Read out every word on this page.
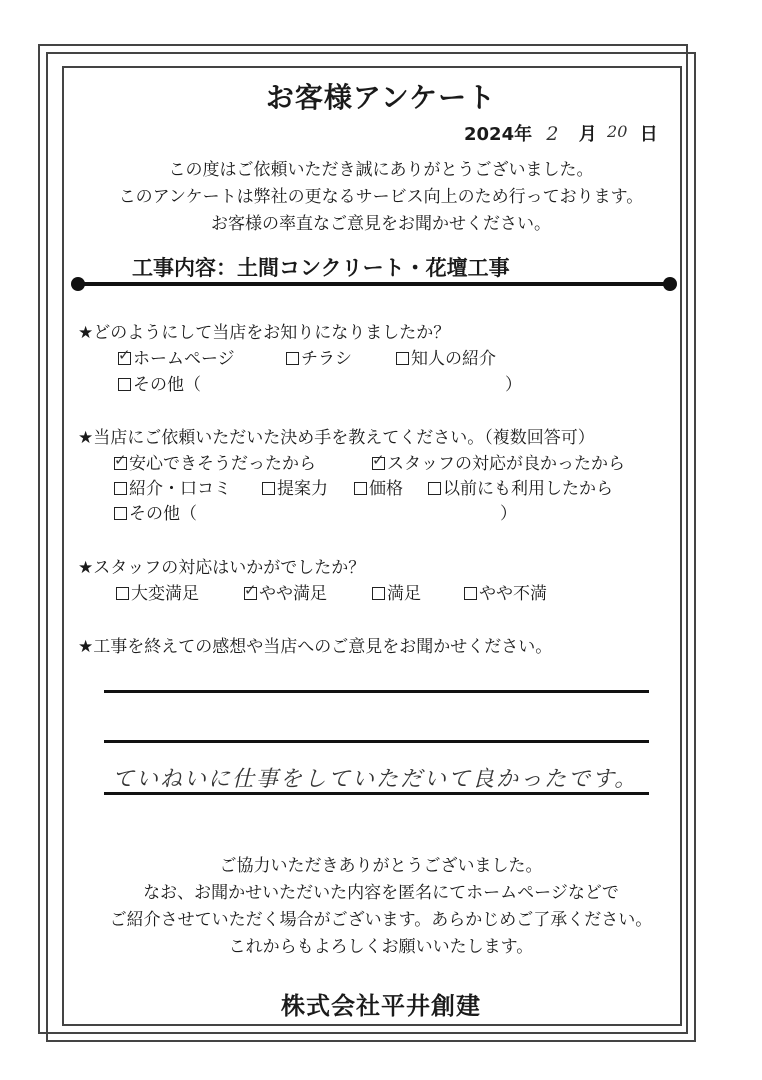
お客様アンケート
2024年 2 月 20 日
この度はご依頼いただき誠にありがとうございました。
このアンケートは弊社の更なるサービス向上のため行っております。
お客様の率直なご意見をお聞かせください。
工事内容：土間コンクリート・花壇工事
★どのようにして当店をお知りになりましたか？
✓ホームページ	チラシ	知人の紹介
その他（	）
★当店にご依頼いただいた決め手を教えてください。（複数回答可）
✓安心できそうだったから ✓	スタッフの対応が良かったから
紹介・口コミ	提案力	価格	以前にも利用したから
その他（	）
★スタッフの対応はいかがでしたか？
大変満足 ✓	やや満足	満足	やや不満
★工事を終えての感想や当店へのご意見をお聞かせください。
ていねいに仕事をしていただいて良かったです。
ご協力いただきありがとうございました。
なお、お聞かせいただいた内容を匿名にてホームページなどで
ご紹介させていただく場合がございます。あらかじめご了承ください。
これからもよろしくお願いいたします。
株式会社平井創建
